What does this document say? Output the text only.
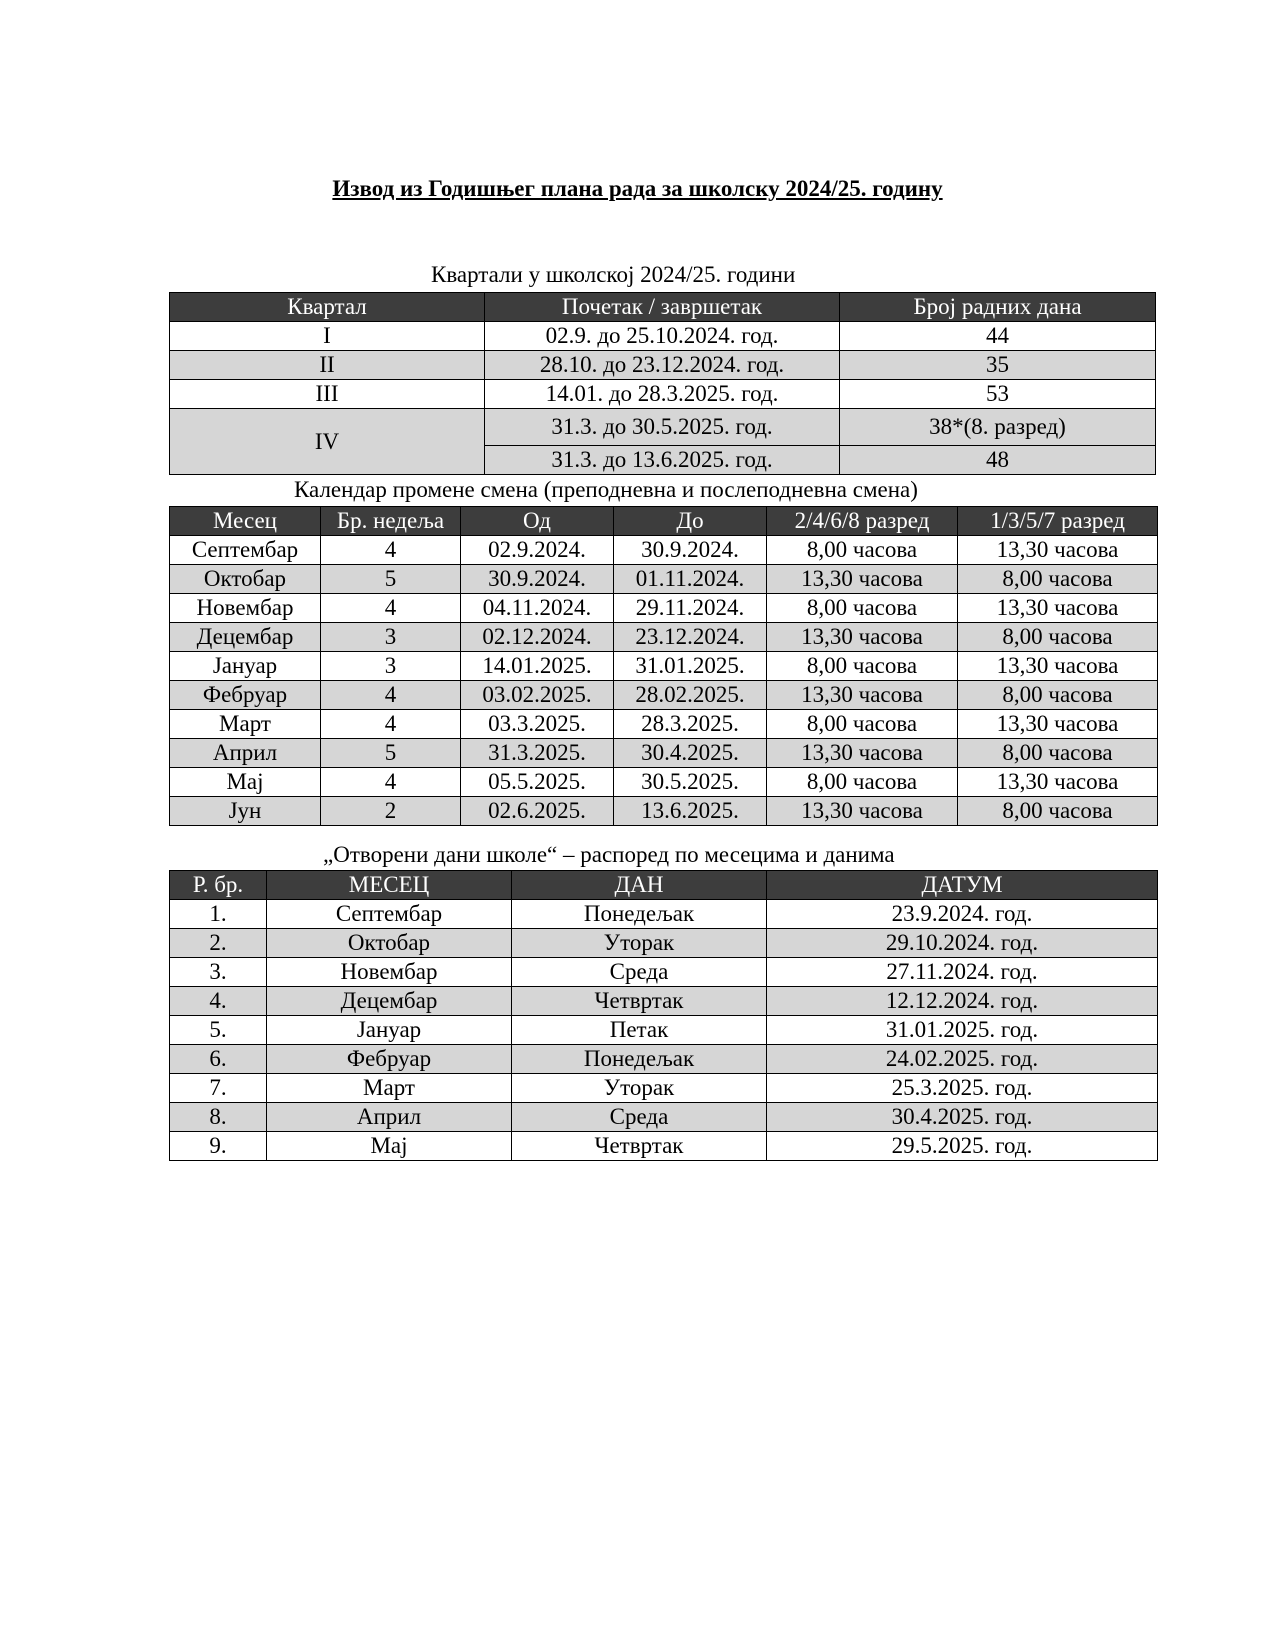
Извод из Годишњег плана рада за школску 2024/25. годину
Квартали у школској 2024/25. години
Квартал	Почетак / завршетак	Број радних дана
I	02.9. до 25.10.2024. год.	44
II	28.10. до 23.12.2024. год.	35
III	14.01. до 28.3.2025. год.	53
IV	31.3. до 30.5.2025. год.	38*(8. разред)
	31.3. до 13.6.2025. год.	48
Календар промене смена (преподневна и послеподневна смена)
Месец	Бр. недеља	Од	До	2/4/6/8 разред	1/3/5/7 разред
Септембар	4	02.9.2024.	30.9.2024.	8,00 часова	13,30 часова
Октобар	5	30.9.2024.	01.11.2024.	13,30 часова	8,00 часова
Новембар	4	04.11.2024.	29.11.2024.	8,00 часова	13,30 часова
Децембар	3	02.12.2024.	23.12.2024.	13,30 часова	8,00 часова
Јануар	3	14.01.2025.	31.01.2025.	8,00 часова	13,30 часова
Фебруар	4	03.02.2025.	28.02.2025.	13,30 часова	8,00 часова
Март	4	03.3.2025.	28.3.2025.	8,00 часова	13,30 часова
Април	5	31.3.2025.	30.4.2025.	13,30 часова	8,00 часова
Мај	4	05.5.2025.	30.5.2025.	8,00 часова	13,30 часова
Јун	2	02.6.2025.	13.6.2025.	13,30 часова	8,00 часова
„Отворени дани школе“ – распоред по месецима и данима
Р. бр.	МЕСЕЦ	ДАН	ДАТУМ
1.	Септембар	Понедељак	23.9.2024. год.
2.	Октобар	Уторак	29.10.2024. год.
3.	Новембар	Среда	27.11.2024. год.
4.	Децембар	Четвртак	12.12.2024. год.
5.	Јануар	Петак	31.01.2025. год.
6.	Фебруар	Понедељак	24.02.2025. год.
7.	Март	Уторак	25.3.2025. год.
8.	Април	Среда	30.4.2025. год.
9.	Мај	Четвртак	29.5.2025. год.
